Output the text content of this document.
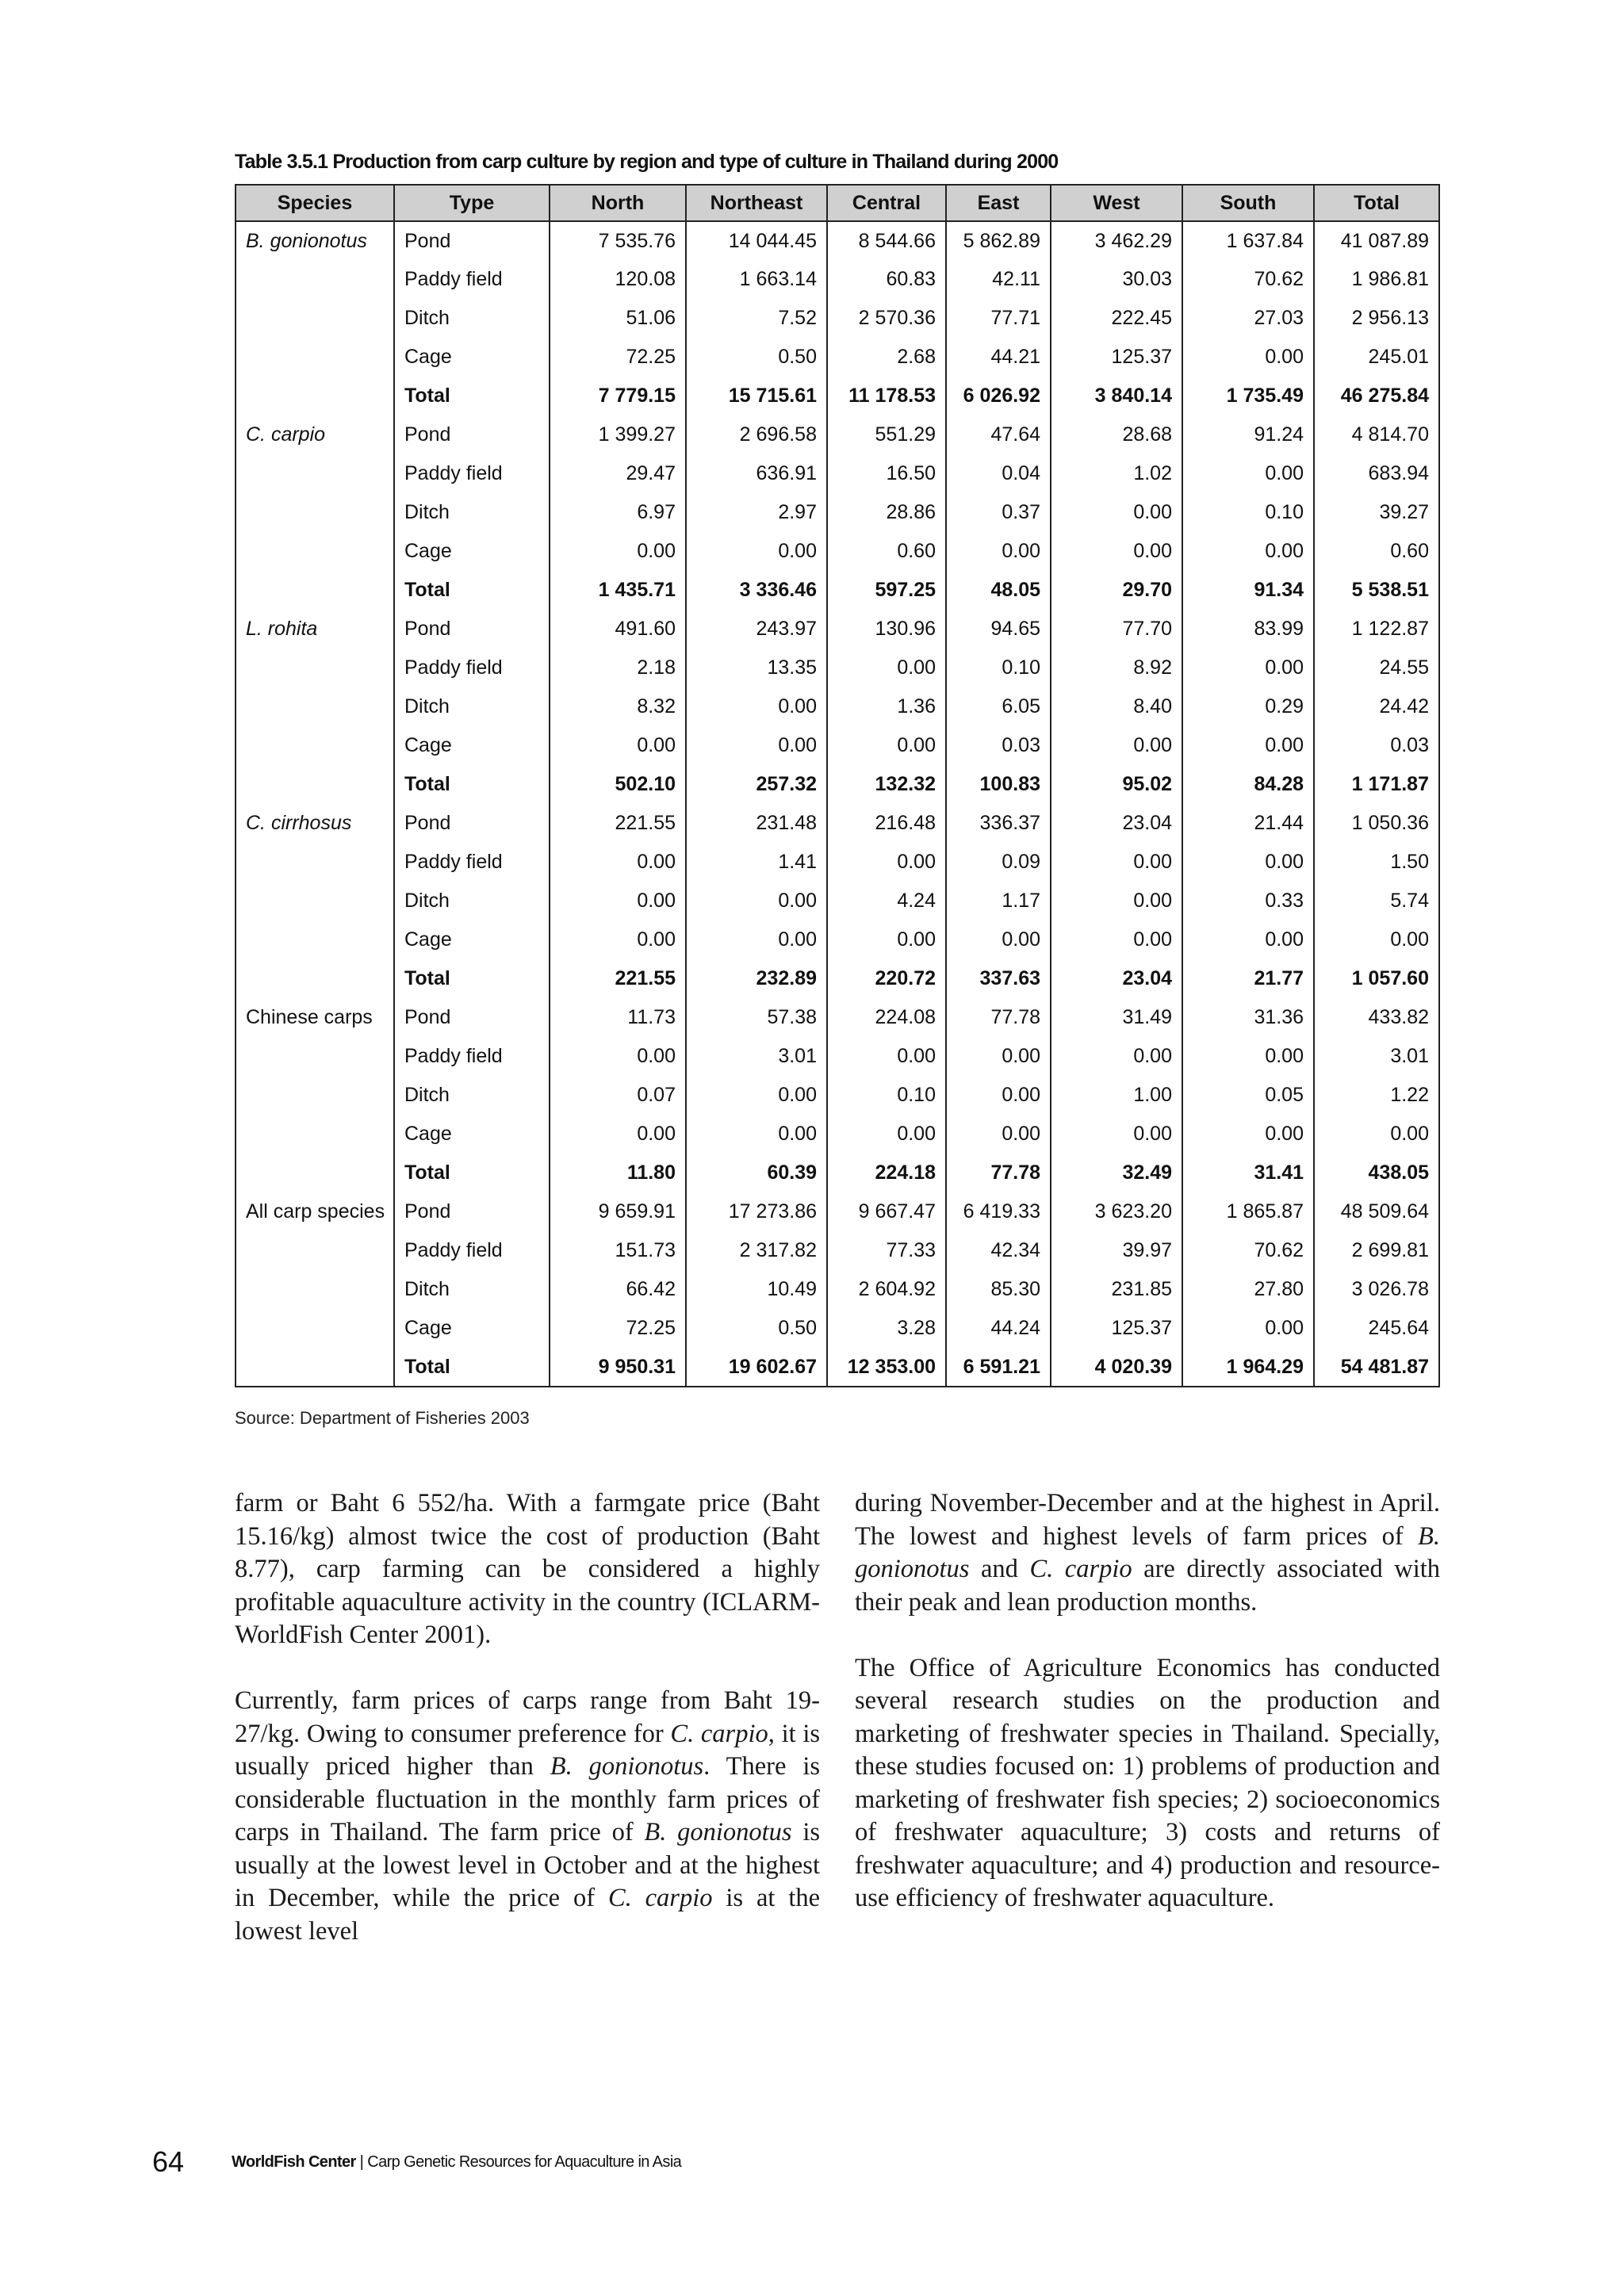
Table 3.5.1 Production from carp culture by region and type of culture in Thailand during 2000
Species	Type	North	Northeast	Central	East	West	South	Total
B. gonionotus	Pond	7 535.76	14 044.45	8 544.66	5 862.89	3 462.29	1 637.84	41 087.89
	Paddy field	120.08	1 663.14	60.83	42.11	30.03	70.62	1 986.81
	Ditch	51.06	7.52	2 570.36	77.71	222.45	27.03	2 956.13
	Cage	72.25	0.50	2.68	44.21	125.37	0.00	245.01
	Total	7 779.15	15 715.61	11 178.53	6 026.92	3 840.14	1 735.49	46 275.84
C. carpio	Pond	1 399.27	2 696.58	551.29	47.64	28.68	91.24	4 814.70
	Paddy field	29.47	636.91	16.50	0.04	1.02	0.00	683.94
	Ditch	6.97	2.97	28.86	0.37	0.00	0.10	39.27
	Cage	0.00	0.00	0.60	0.00	0.00	0.00	0.60
	Total	1 435.71	3 336.46	597.25	48.05	29.70	91.34	5 538.51
L. rohita	Pond	491.60	243.97	130.96	94.65	77.70	83.99	1 122.87
	Paddy field	2.18	13.35	0.00	0.10	8.92	0.00	24.55
	Ditch	8.32	0.00	1.36	6.05	8.40	0.29	24.42
	Cage	0.00	0.00	0.00	0.03	0.00	0.00	0.03
	Total	502.10	257.32	132.32	100.83	95.02	84.28	1 171.87
C. cirrhosus	Pond	221.55	231.48	216.48	336.37	23.04	21.44	1 050.36
	Paddy field	0.00	1.41	0.00	0.09	0.00	0.00	1.50
	Ditch	0.00	0.00	4.24	1.17	0.00	0.33	5.74
	Cage	0.00	0.00	0.00	0.00	0.00	0.00	0.00
	Total	221.55	232.89	220.72	337.63	23.04	21.77	1 057.60
Chinese carps	Pond	11.73	57.38	224.08	77.78	31.49	31.36	433.82
	Paddy field	0.00	3.01	0.00	0.00	0.00	0.00	3.01
	Ditch	0.07	0.00	0.10	0.00	1.00	0.05	1.22
	Cage	0.00	0.00	0.00	0.00	0.00	0.00	0.00
	Total	11.80	60.39	224.18	77.78	32.49	31.41	438.05
All carp species	Pond	9 659.91	17 273.86	9 667.47	6 419.33	3 623.20	1 865.87	48 509.64
	Paddy field	151.73	2 317.82	77.33	42.34	39.97	70.62	2 699.81
	Ditch	66.42	10.49	2 604.92	85.30	231.85	27.80	3 026.78
	Cage	72.25	0.50	3.28	44.24	125.37	0.00	245.64
	Total	9 950.31	19 602.67	12 353.00	6 591.21	4 020.39	1 964.29	54 481.87
Source: Department of Fisheries 2003

farm or Baht 6 552/ha. With a farmgate price (Baht 15.16/kg) almost twice the cost of production (Baht 8.77), carp farming can be considered a highly profitable aquaculture activity in the country (ICLARM-WorldFish Center 2001).

Currently, farm prices of carps range from Baht 19-27/kg. Owing to consumer preference for C. carpio, it is usually priced higher than B. gonionotus. There is considerable fluctuation in the monthly farm prices of carps in Thailand. The farm price of B. gonionotus is usually at the lowest level in October and at the highest in December, while the price of C. carpio is at the lowest level

during November-December and at the highest in April. The lowest and highest levels of farm prices of B. gonionotus and C. carpio are directly associated with their peak and lean production months.

The Office of Agriculture Economics has conducted several research studies on the production and marketing of freshwater species in Thailand. Specially, these studies focused on: 1) problems of production and marketing of freshwater fish species; 2) socioeconomics of freshwater aquaculture; 3) costs and returns of freshwater aquaculture; and 4) production and resource-use efficiency of freshwater aquaculture.

64	WorldFish Center | Carp Genetic Resources for Aquaculture in Asia
